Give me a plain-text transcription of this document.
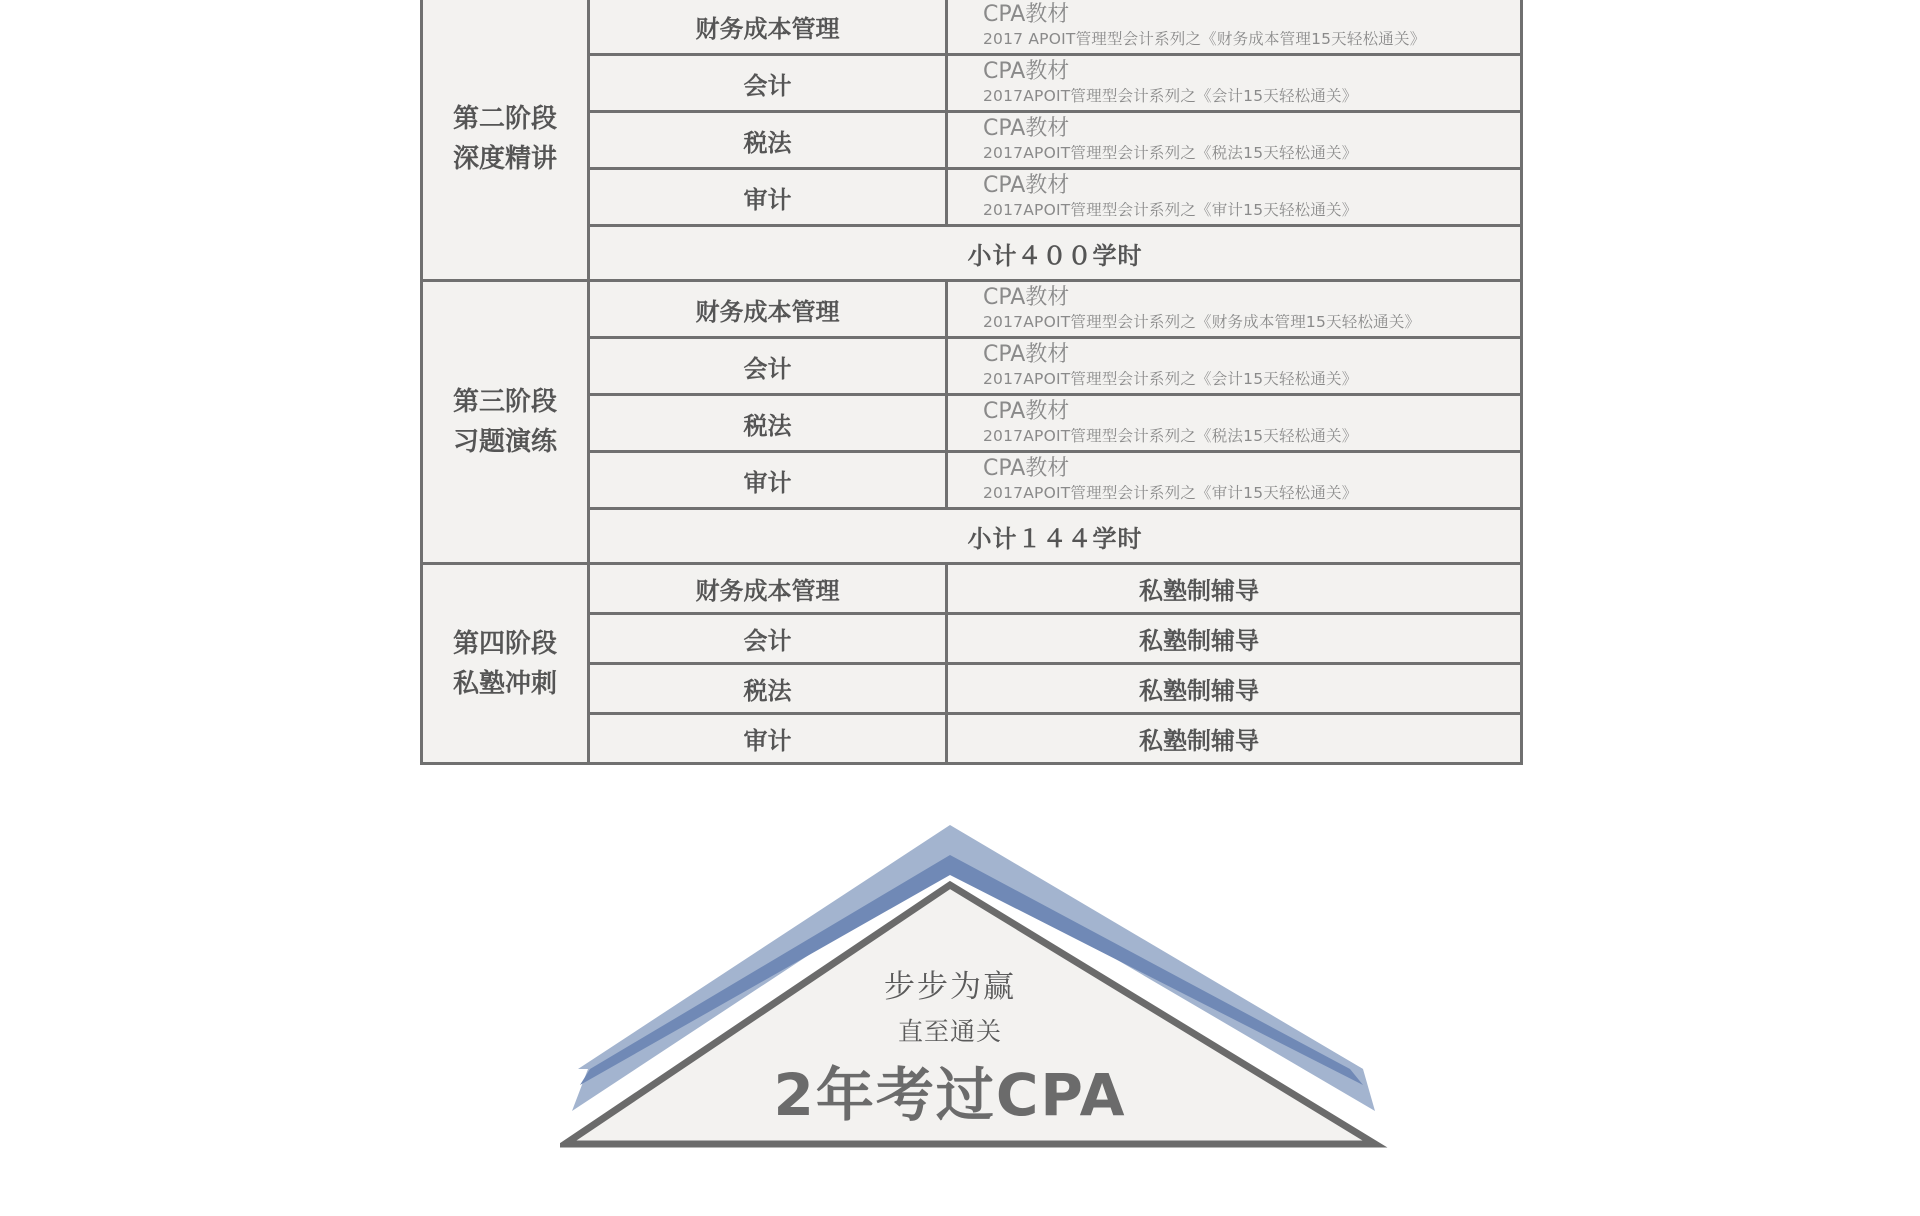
第二阶段
深度精讲	财务成本管理	CPA教材
2017 APOIT管理型会计系列之《财务成本管理15天轻松通关》

	会计	CPA教材
2017APOIT管理型会计系列之《会计15天轻松通关》

	税法	CPA教材
2017APOIT管理型会计系列之《税法15天轻松通关》

	审计	CPA教材
2017APOIT管理型会计系列之《审计15天轻松通关》

	小计４００学时	

第三阶段
习题演练	财务成本管理	CPA教材
2017APOIT管理型会计系列之《财务成本管理15天轻松通关》

	会计	CPA教材
2017APOIT管理型会计系列之《会计15天轻松通关》

	税法	CPA教材
2017APOIT管理型会计系列之《税法15天轻松通关》

	审计	CPA教材
2017APOIT管理型会计系列之《审计15天轻松通关》

	小计１４４学时	

第四阶段
私塾冲刺	财务成本管理	私塾制辅导
	会计	私塾制辅导
	税法	私塾制辅导
	审计	私塾制辅导
步步为赢
直至通关
2年考过CPA
